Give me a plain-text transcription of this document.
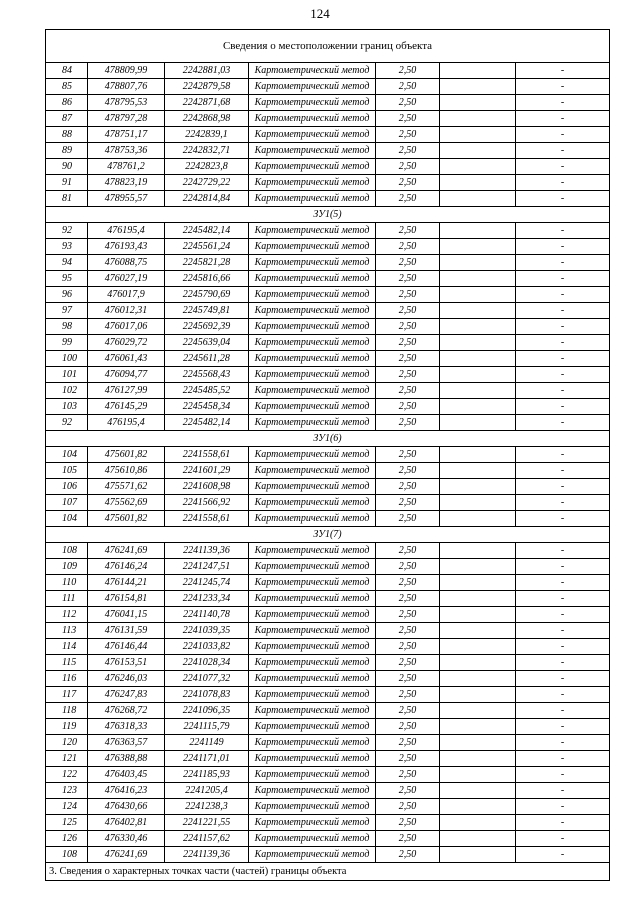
124
Сведения о местоположении границ объекта						
84	478809,99	2242881,03	Картометрический метод	2,50		-
85	478807,76	2242879,58	Картометрический метод	2,50		-
86	478795,53	2242871,68	Картометрический метод	2,50		-
87	478797,28	2242868,98	Картометрический метод	2,50		-
88	478751,17	2242839,1	Картометрический метод	2,50		-
89	478753,36	2242832,71	Картометрический метод	2,50		-
90	478761,2	2242823,8	Картометрический метод	2,50		-
91	478823,19	2242729,22	Картометрический метод	2,50		-
81	478955,57	2242814,84	Картометрический метод	2,50		-
ЗУ1(5)						
92	476195,4	2245482,14	Картометрический метод	2,50		-
93	476193,43	2245561,24	Картометрический метод	2,50		-
94	476088,75	2245821,28	Картометрический метод	2,50		-
95	476027,19	2245816,66	Картометрический метод	2,50		-
96	476017,9	2245790,69	Картометрический метод	2,50		-
97	476012,31	2245749,81	Картометрический метод	2,50		-
98	476017,06	2245692,39	Картометрический метод	2,50		-
99	476029,72	2245639,04	Картометрический метод	2,50		-
100	476061,43	2245611,28	Картометрический метод	2,50		-
101	476094,77	2245568,43	Картометрический метод	2,50		-
102	476127,99	2245485,52	Картометрический метод	2,50		-
103	476145,29	2245458,34	Картометрический метод	2,50		-
92	476195,4	2245482,14	Картометрический метод	2,50		-
ЗУ1(6)						
104	475601,82	2241558,61	Картометрический метод	2,50		-
105	475610,86	2241601,29	Картометрический метод	2,50		-
106	475571,62	2241608,98	Картометрический метод	2,50		-
107	475562,69	2241566,92	Картометрический метод	2,50		-
104	475601,82	2241558,61	Картометрический метод	2,50		-
ЗУ1(7)						
108	476241,69	2241139,36	Картометрический метод	2,50		-
109	476146,24	2241247,51	Картометрический метод	2,50		-
110	476144,21	2241245,74	Картометрический метод	2,50		-
111	476154,81	2241233,34	Картометрический метод	2,50		-
112	476041,15	2241140,78	Картометрический метод	2,50		-
113	476131,59	2241039,35	Картометрический метод	2,50		-
114	476146,44	2241033,82	Картометрический метод	2,50		-
115	476153,51	2241028,34	Картометрический метод	2,50		-
116	476246,03	2241077,32	Картометрический метод	2,50		-
117	476247,83	2241078,83	Картометрический метод	2,50		-
118	476268,72	2241096,35	Картометрический метод	2,50		-
119	476318,33	2241115,79	Картометрический метод	2,50		-
120	476363,57	2241149	Картометрический метод	2,50		-
121	476388,88	2241171,01	Картометрический метод	2,50		-
122	476403,45	2241185,93	Картометрический метод	2,50		-
123	476416,23	2241205,4	Картометрический метод	2,50		-
124	476430,66	2241238,3	Картометрический метод	2,50		-
125	476402,81	2241221,55	Картометрический метод	2,50		-
126	476330,46	2241157,62	Картометрический метод	2,50		-
108	476241,69	2241139,36	Картометрический метод	2,50		-
3. Сведения о характерных точках части (частей) границы объекта						
